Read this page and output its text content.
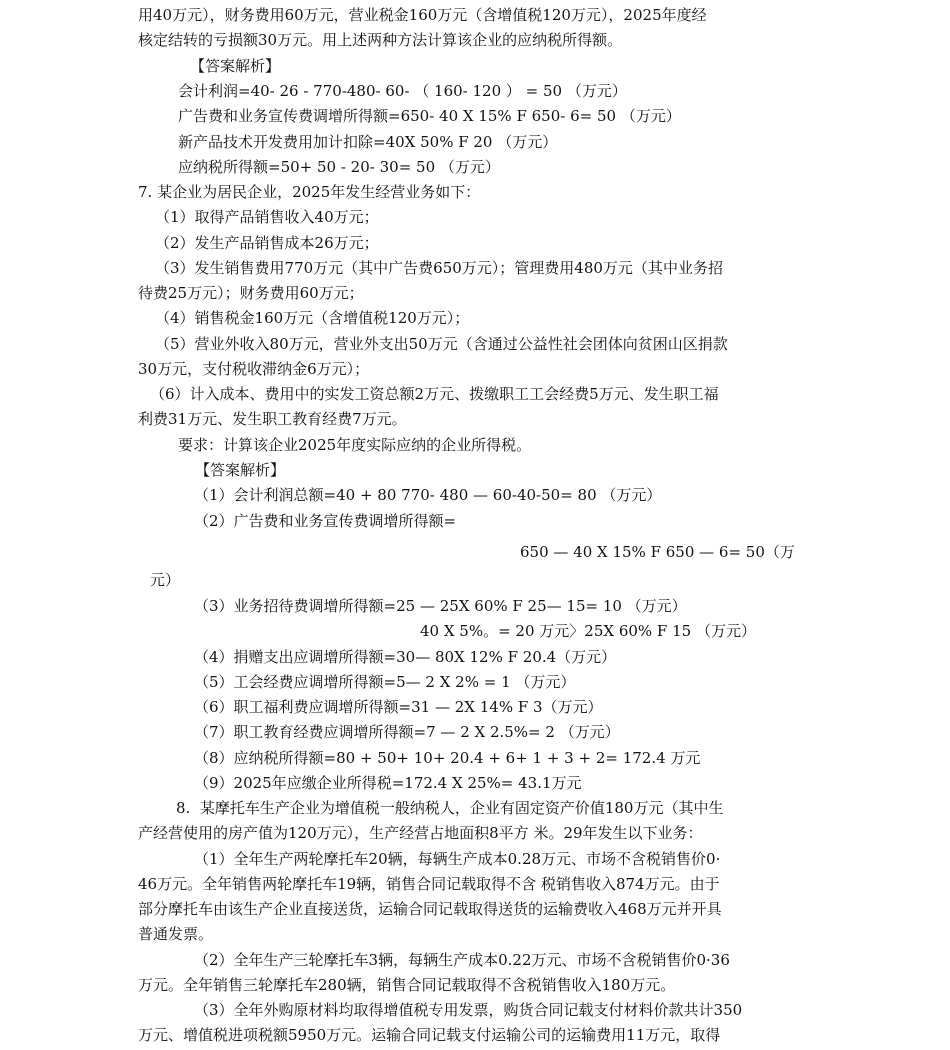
用40万元），财务费用60万元，营业税金160万元（含增值税120万元），2025年度经

核定结转的亏损额30万元。用上述两种方法计算该企业的应纳税所得额。

【答案解析】

会计利润=40- 26 - 770-480- 60- （ 160- 120 ） = 50 （万元）

广告费和业务宣传费调增所得额=650- 40 X 15% F 650- 6= 50 （万元）

新产品技术开发费用加计扣除=40X 50% F 20 （万元）

应纳税所得额=50+ 50 - 20- 30= 50 （万元）

7. 某企业为居民企业，2025年发生经营业务如下：

（1）取得产品销售收入40万元；

（2）发生产品销售成本26万元；

（3）发生销售费用770万元（其中广告费650万元）；管理费用480万元（其中业务招

待费25万元）；财务费用60万元；

（4）销售税金160万元（含增值税120万元）；

（5）营业外收入80万元，营业外支出50万元（含通过公益性社会团体向贫困山区捐款

30万元，支付税收滞纳金6万元）；

（6）计入成本、费用中的实发工资总额2万元、拨缴职工工会经费5万元、发生职工福

利费31万元、发生职工教育经费7万元。

要求：计算该企业2025年度实际应纳的企业所得税。

【答案解析】

（1）会计利润总额=40 + 80 770- 480 — 60-40-50= 80 （万元）

（2）广告费和业务宣传费调增所得额=

650 — 40 X 15% F 650 — 6= 50（万

元）

（3）业务招待费调增所得额=25 — 25X 60% F 25— 15= 10 （万元）

40 X 5%。= 20 万元〉25X 60% F 15 （万元）

（4）捐赠支出应调增所得额=30— 80X 12% F 20.4（万元）

（5）工会经费应调增所得额=5— 2 X 2% = 1 （万元）

（6）职工福利费应调增所得额=31 — 2X 14% F 3（万元）

（7）职工教育经费应调增所得额=7 — 2 X 2.5%= 2 （万元）

（8）应纳税所得额=80 + 50+ 10+ 20.4 + 6+ 1 + 3 + 2= 172.4 万元

（9）2025年应缴企业所得税=172.4 X 25%= 43.1万元

8.  某摩托车生产企业为增值税一般纳税人，企业有固定资产价值180万元（其中生

产经营使用的房产值为120万元），生产经营占地面积8平方 米。29年发生以下业务：

（1）全年生产两轮摩托车20辆，每辆生产成本0.28万元、市场不含税销售价0·

46万元。全年销售两轮摩托车19辆，销售合同记载取得不含 税销售收入874万元。由于

部分摩托车由该生产企业直接送货，运输合同记载取得送货的运输费收入468万元并开具

普通发票。

（2）全年生产三轮摩托车3辆，每辆生产成本0.22万元、市场不含税销售价0·36

万元。全年销售三轮摩托车280辆，销售合同记载取得不含税销售收入180万元。

（3）全年外购原材料均取得增值税专用发票，购货合同记载支付材料价款共计350

万元、增值税进项税额5950万元。运输合同记载支付运输公司的运输费用11万元，取得
